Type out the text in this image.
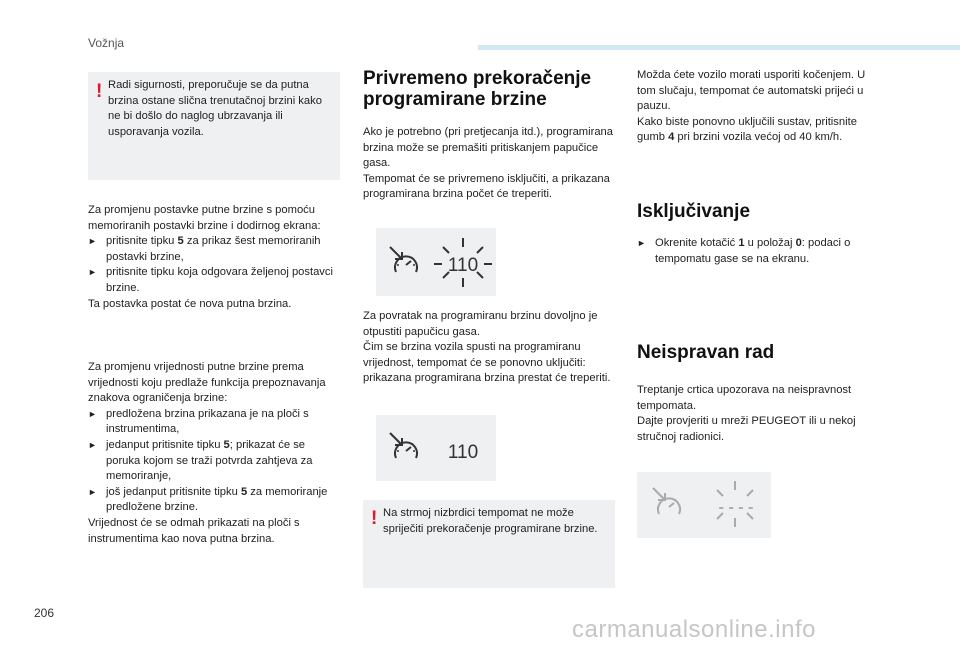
Vožnja
! Radi sigurnosti, preporučuje se da putna brzina ostane slična trenutačnoj brzini kako ne bi došlo do naglog ubrzavanja ili usporavanja vozila.

Za promjenu postavke putne brzine s pomoću memoriranih postavki brzine i dodirnog ekrana:

► pritisnite tipku 5 za prikaz šest memoriranih postavki brzine,

► pritisnite tipku koja odgovara željenoj postavci brzine.

Ta postavka postat će nova putna brzina.

Za promjenu vrijednosti putne brzine prema vrijednosti koju predlaže funkcija prepoznavanja znakova ograničenja brzine:

► predložena brzina prikazana je na ploči s instrumentima,

► jedanput pritisnite tipku 5; prikazat će se poruka kojom se traži potvrda zahtjeva za memoriranje,

► još jedanput pritisnite tipku 5 za memoriranje predložene brzine.

Vrijednost će se odmah prikazati na ploči s instrumentima kao nova putna brzina.

Privremeno prekoračenje programirane brzine

Ako je potrebno (pri pretjecanja itd.), programirana brzina može se premašiti pritiskanjem papučice gasa.

Tempomat će se privremeno isključiti, a prikazana programirana brzina počet će treperiti.

110

Za povratak na programiranu brzinu dovoljno je otpustiti papučicu gasa.

Čim se brzina vozila spusti na programiranu vrijednost, tempomat će se ponovno uključiti: prikazana programirana brzina prestat će treperiti.

110
! Na strmoj nizbrdici tempomat ne može spriječiti prekoračenje programirane brzine.

Možda ćete vozilo morati usporiti kočenjem. U tom slučaju, tempomat će automatski prijeći u pauzu.

Kako biste ponovno uključili sustav, pritisnite gumb 4 pri brzini vozila većoj od 40 km/h.

Isključivanje

► Okrenite kotačić 1 u položaj 0: podaci o tempomatu gase se na ekranu.

Neispravan rad

Treptanje crtica upozorava na neispravnost tempomata.

Dajte provjeriti u mreži PEUGEOT ili u nekoj stručnoj radionici.

- - - -
206
carmanualsonline.info
